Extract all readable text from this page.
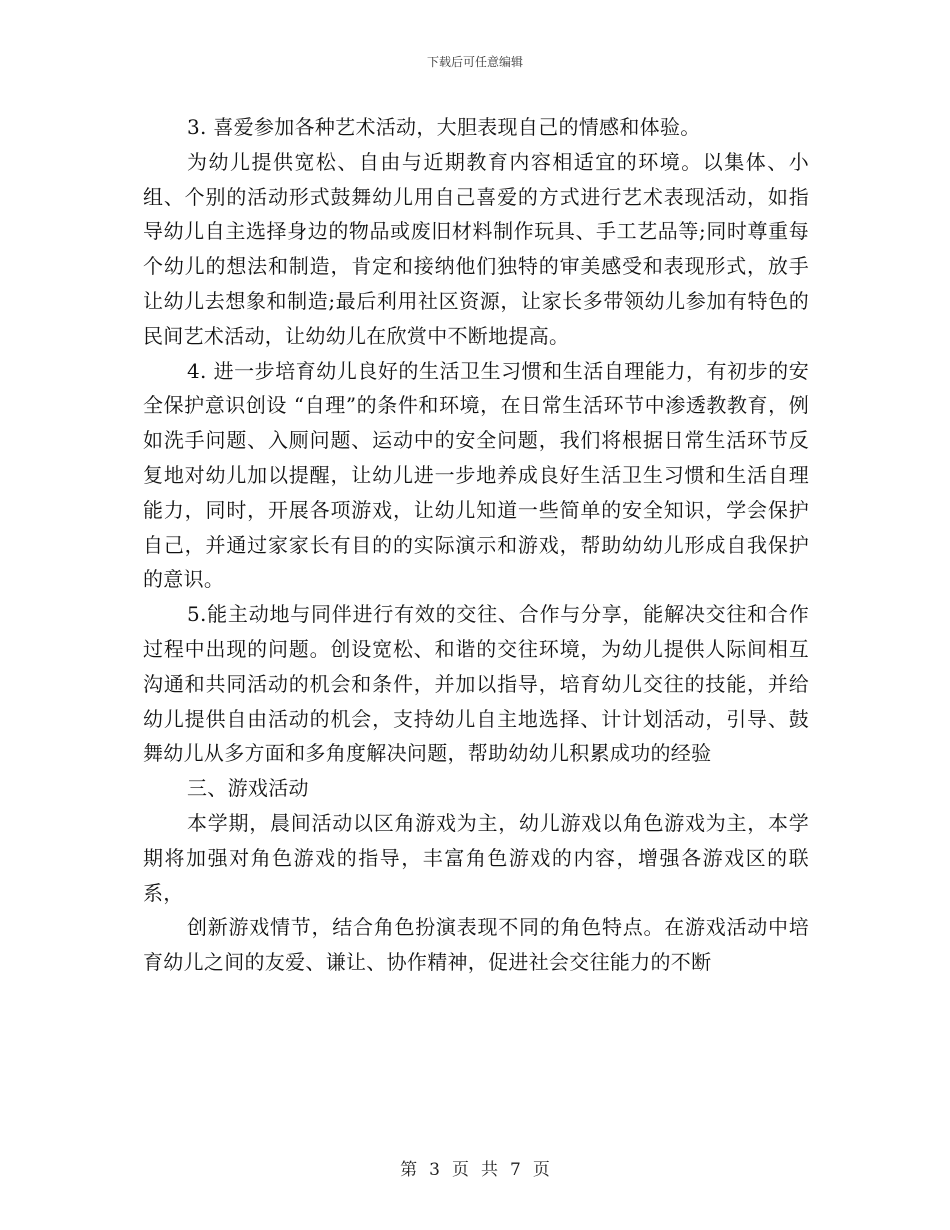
下载后可任意编辑

3. 喜爱参加各种艺术活动，大胆表现自己的情感和体验。

为幼儿提供宽松、自由与近期教育内容相适宜的环境。以集体、小组、个别的活动形式鼓舞幼儿用自己喜爱的方式进行艺术表现活动，如指导幼儿自主选择身边的物品或废旧材料制作玩具、手工艺品等;同时尊重每个幼儿的想法和制造，肯定和接纳他们独特的审美感受和表现形式，放手让幼儿去想象和制造;最后利用社区资源，让家长多带领幼儿参加有特色的民间艺术活动，让幼幼儿在欣赏中不断地提高。

4. 进一步培育幼儿良好的生活卫生习惯和生活自理能力，有初步的安全保护意识创设 “自理”的条件和环境，在日常生活环节中渗透教教育，例如洗手问题、入厕问题、运动中的安全问题，我们将根据日常生活环节反复地对幼儿加以提醒，让幼儿进一步地养成良好生活卫生习惯和生活自理能力，同时，开展各项游戏，让幼儿知道一些简单的安全知识，学会保护自己，并通过家家长有目的的实际演示和游戏，帮助幼幼儿形成自我保护的意识。

5.能主动地与同伴进行有效的交往、合作与分享，能解决交往和合作过程中出现的问题。创设宽松、和谐的交往环境，为幼儿提供人际间相互沟通和共同活动的机会和条件，并加以指导，培育幼儿交往的技能，并给幼儿提供自由活动的机会，支持幼儿自主地选择、计计划活动，引导、鼓舞幼儿从多方面和多角度解决问题，帮助幼幼儿积累成功的经验

三、游戏活动

本学期，晨间活动以区角游戏为主，幼儿游戏以角色游戏为主，本学期将加强对角色游戏的指导，丰富角色游戏的内容，增强各游戏区的联系，

创新游戏情节，结合角色扮演表现不同的角色特点。在游戏活动中培育幼儿之间的友爱、谦让、协作精神，促进社会交往能力的不断

第 3 页 共 7 页
